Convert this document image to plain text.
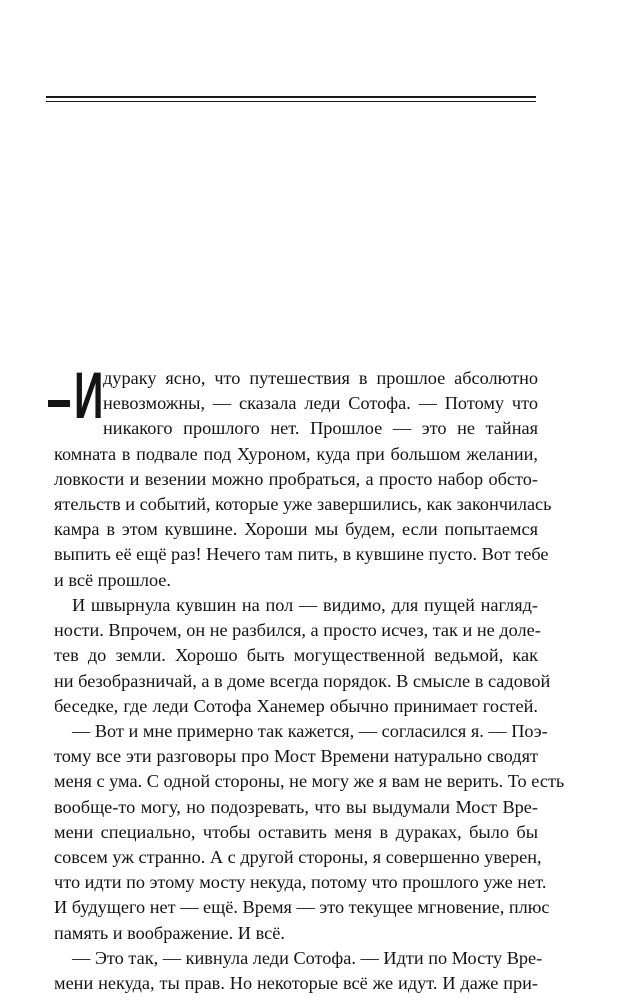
И дураку ясно, что путешествия в прошлое абсолютно
невозможны, — сказала леди Сотофа. — Потому что
никакого прошлого нет. Прошлое — это не тайная
комната в подвале под Хуроном, куда при большом желании,
ловкости и везении можно пробраться, а просто набор обсто-
ятельств и событий, которые уже завершились, как закончилась
камра в этом кувшине. Хороши мы будем, если попытаемся
выпить её ещё раз! Нечего там пить, в кувшине пусто. Вот тебе
и всё прошлое.
И швырнула кувшин на пол — видимо, для пущей нагляд-
ности. Впрочем, он не разбился, а просто исчез, так и не доле-
тев до земли. Хорошо быть могущественной ведьмой, как
ни безобразничай, а в доме всегда порядок. В смысле в садовой
беседке, где леди Сотофа Ханемер обычно принимает гостей.
— Вот и мне примерно так кажется, — согласился я. — Поэ-
тому все эти разговоры про Мост Времени натурально сводят
меня с ума. С одной стороны, не могу же я вам не верить. То есть
вообще-то могу, но подозревать, что вы выдумали Мост Вре-
мени специально, чтобы оставить меня в дураках, было бы
совсем уж странно. А с другой стороны, я совершенно уверен,
что идти по этому мосту некуда, потому что прошлого уже нет.
И будущего нет — ещё. Время — это текущее мгновение, плюс
память и воображение. И всё.
— Это так, — кивнула леди Сотофа. — Идти по Мосту Вре-
мени некуда, ты прав. Но некоторые всё же идут. И даже при-
